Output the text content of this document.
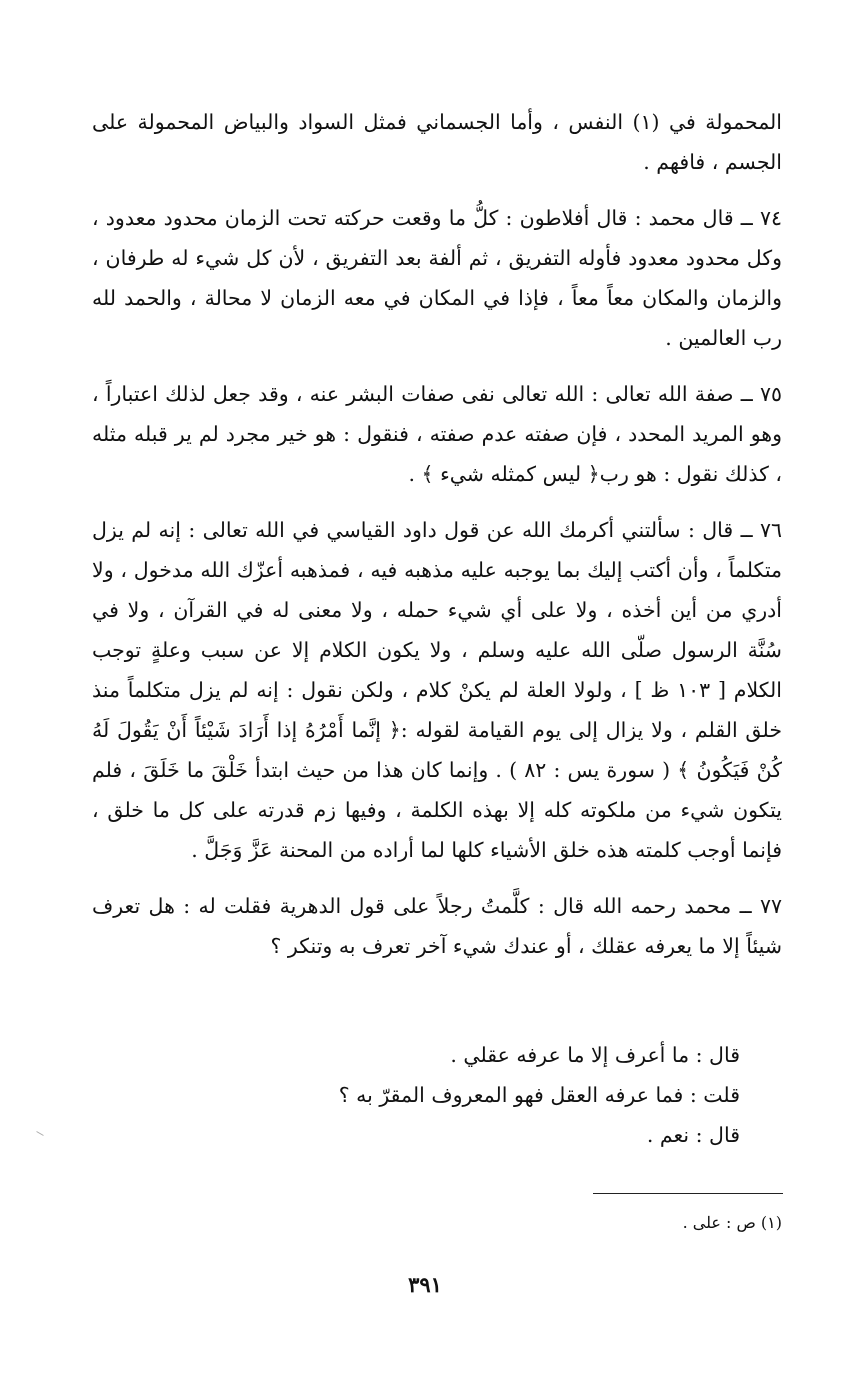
المحمولة في (١) النفس ، وأما الجسماني فمثل السواد والبياض المحمولة على الجسم ، فافهم .

٧٤ ــ قال محمد : قال أفلاطون : كلُّ ما وقعت حركته تحت الزمان محدود معدود ، وكل محدود معدود فأوله التفريق ، ثم ألفة بعد التفريق ، لأن كل شيء له طرفان ، والزمان والمكان معاً معاً ، فإذا في المكان في معه الزمان لا محالة ، والحمد لله رب العالمين .

٧٥ ــ صفة الله تعالى : الله تعالى نفى صفات البشر عنه ، وقد جعل لذلك اعتباراً ، وهو المريد المحدد ، فإن صفته عدم صفته ، فنقول : هو خير مجرد لم ير قبله مثله ، كذلك نقول : هو رب﴿ ليس كمثله شيء ﴾ .

٧٦ ــ قال : سألتني أكرمك الله عن قول داود القياسي في الله تعالى : إنه لم يزل متكلماً ، وأن أكتب إليك بما يوجبه عليه مذهبه فيه ، فمذهبه أعزّك الله مدخول ، ولا أدري من أين أخذه ، ولا على أي شيء حمله ، ولا معنى له في القرآن ، ولا في سُنَّة الرسول صلّى الله عليه وسلم ، ولا يكون الكلام إلا عن سبب وعلةٍ توجب الكلام [ ١٠٣ ظ ] ، ولولا العلة لم يكنْ كلام ، ولكن نقول : إنه لم يزل متكلماً منذ خلق القلم ، ولا يزال إلى يوم القيامة لقوله :﴿ إنَّما أَمْرُهُ إذا أَرَادَ شَيْئاً أَنْ يَقُولَ لَهُ كُنْ فَيَكُونُ ﴾ ( سورة يس : ٨٢ ) . وإنما كان هذا من حيث ابتدأ خَلْقَ ما خَلَقَ ، فلم يتكون شيء من ملكوته كله إلا بهذه الكلمة ، وفيها زم قدرته على كل ما خلق ، فإنما أوجب كلمته هذه خلق الأشياء كلها لما أراده من المحنة عَزَّ وَجَلَّ .

٧٧ ــ محمد رحمه الله قال : كلَّمتُ رجلاً على قول الدهرية فقلت له : هل تعرف شيئاً إلا ما يعرفه عقلك ، أو عندك شيء آخر تعرف به وتنكر ؟

قال : ما أعرف إلا ما عرفه عقلي .

قلت : فما عرفه العقل فهو المعروف المقرّ به ؟

قال : نعم .

(١) ص : على .
٣٩١
